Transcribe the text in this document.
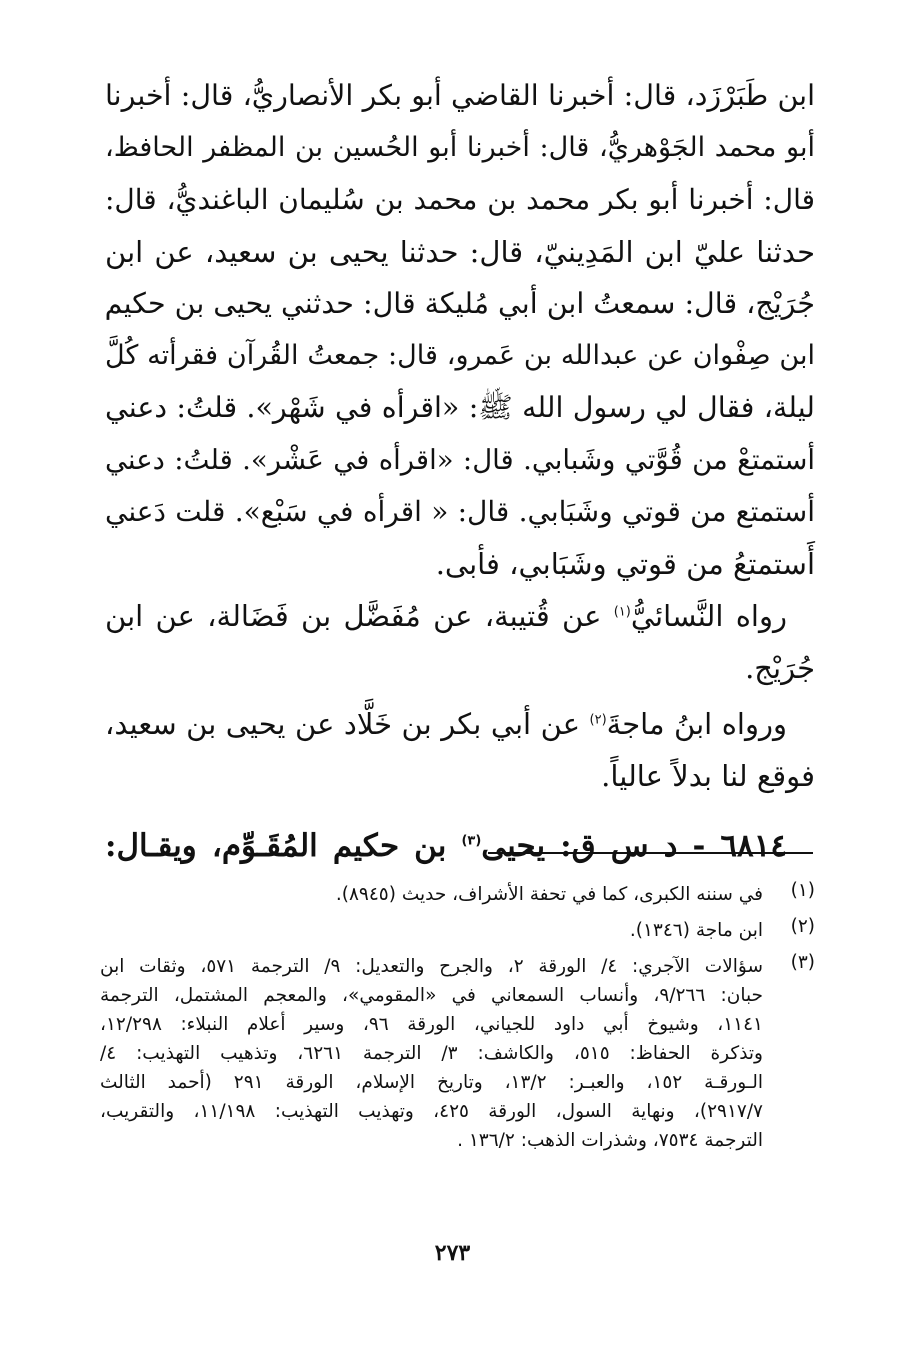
ابن طَبَرْزَد، قال: أخبرنا القاضي أبو بكر الأنصاريُّ، قال: أخبرنا
أبو محمد الجَوْهريُّ، قال: أخبرنا أبو الحُسين بن المظفر الحافظ،
قال: أخبرنا أبو بكر محمد بن محمد بن سُليمان الباغنديُّ، قال:
حدثنا عليّ ابن المَدِينيّ، قال: حدثنا يحيى بن سعيد، عن ابن
جُرَيْج، قال: سمعتُ ابن أبي مُليكة قال: حدثني يحيى بن حكيم
ابن صِفْوان عن عبدالله بن عَمرو، قال: جمعتُ القُرآن فقرأته كُلَّ
ليلة، فقال لي رسول الله ﷺ: «اقرأه في شَهْر». قلتُ: دعني
أستمتعْ من قُوَّتي وشَبابي. قال: «اقرأه في عَشْر». قلتُ: دعني
أستمتع من قوتي وشَبَابي. قال: « اقرأه في سَبْع». قلت دَعني
أَستمتعُ من قوتي وشَبَابي، فأبى.
رواه النَّسائيُّ$^{(١)}$ عن قُتيبة، عن مُفَضَّل بن فَضَالة، عن ابن
جُرَيْج.
ورواه ابنُ ماجةَ$^{(٢)}$ عن أبي بكر بن خَلَّاد عن يحيى بن سعيد،
فوقع لنا بدلاً عالياً.
٦٨١٤ - د س ق: يحيى$^{(٣)}$ بن حكيم المُقَـوِّم، ويقـال:
(١)
في سننه الكبرى، كما في تحفة الأشراف، حديث (٨٩٤٥).
(٢)
ابن ماجة (١٣٤٦).
(٣)
سؤالات الآجري: ٤/ الورقة ٢، والجرح والتعديل: ٩/ الترجمة ٥٧١، وثقات ابن
حبان: ٩/٢٦٦، وأنساب السمعاني في «المقومي»، والمعجم المشتمل، الترجمة
١١٤١، وشيوخ أبي داود للجياني، الورقة ٩٦، وسير أعلام النبلاء: ١٢/٢٩٨،
وتذكرة الحفاظ: ٥١٥، والكاشف: ٣/ الترجمة ٦٢٦١، وتذهيب التهذيب: ٤/
الـورقـة ١٥٢، والعبـر: ١٣/٢، وتاريخ الإسلام، الورقة ٢٩١ (أحمد الثالث
٢٩١٧/٧)، ونهاية السول، الورقة ٤٢٥، وتهذيب التهذيب: ١١/١٩٨، والتقريب،
الترجمة ٧٥٣٤، وشذرات الذهب: ١٣٦/٢ .
٢٧٣
